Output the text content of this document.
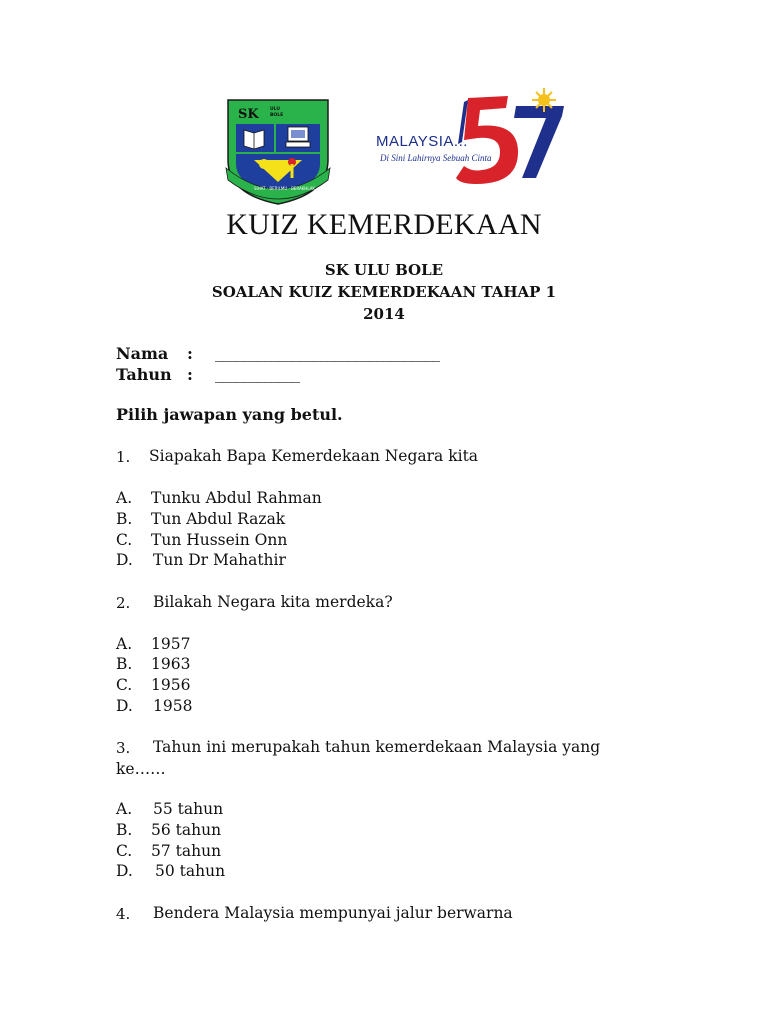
SK	ULU
BOLE
SIHAT · BERILMU · BERAKHLAK
MALAYSIA...
Di Sini Lahirnya Sebuah Cinta
KUIZ KEMERDEKAAN
SK ULU BOLE
SOALAN KUIZ KEMERDEKAAN TAHAP 1
2014
Nama : ________________________________
Tahun : ____________
Pilih jawapan yang betul.
1. Siapakah Bapa Kemerdekaan Negara kita
A. Tunku Abdul Rahman
B. Tun Abdul Razak
C. Tun Hussein Onn
D. Tun Dr Mahathir
2. Bilakah Negara kita merdeka?
A. 1957
B. 1963
C. 1956
D. 1958
3. Tahun ini merupakah tahun kemerdekaan Malaysia yang
ke……
A. 55 tahun
B. 56 tahun
C. 57 tahun
D. 50 tahun
4. Bendera Malaysia mempunyai jalur berwarna
